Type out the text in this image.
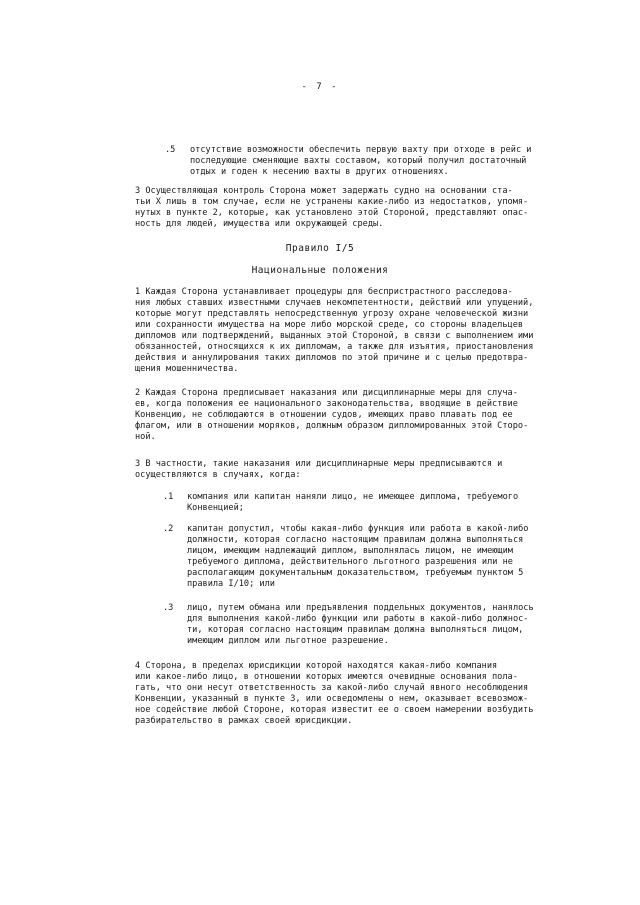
- 7 -
.5 отсутствие возможности обеспечить первую вахту при отходе в рейс и
последующие сменяющие вахты составом, который получил достаточный
отдых и годен к несению вахты в других отношениях.
3 Осуществляющая контроль Сторона может задержать судно на основании ста-
тьи X лишь в том случае, если не устранены какие-либо из недостатков, упомя-
нутых в пункте 2, которые, как установлено этой Стороной, представляют опас-
ность для людей, имущества или окружающей среды.
Правило I/5
Национальные положения
1 Каждая Сторона устанавливает процедуры для беспристрастного расследова-
ния любых ставших известными случаев некомпетентности, действий или упущений,
которые могут представлять непосредственную угрозу охране человеческой жизни
или сохранности имущества на море либо морской среде, со стороны владельцев
дипломов или подтверждений, выданных этой Стороной, в связи с выполнением ими
обязанностей, относящихся к их дипломам, а также для изъятия, приостановления
действия и аннулирования таких дипломов по этой причине и с целью предотвра-
щения мошенничества.
2 Каждая Сторона предписывает наказания или дисциплинарные меры для случа-
ев, когда положения ее национального законодательства, вводящие в действие
Конвенцию, не соблюдаются в отношении судов, имеющих право плавать под ее
флагом, или в отношении моряков, должным образом дипломированных этой Сторо-
ной.
3 В частности, такие наказания или дисциплинарные меры предписываются и
осуществляются в случаях, когда:
.1 компания или капитан наняли лицо, не имеющее диплома, требуемого
Конвенцией;
.2 капитан допустил, чтобы какая-либо функция или работа в какой-либо
должности, которая согласно настоящим правилам должна выполняться
лицом, имеющим надлежащий диплом, выполнялась лицом, не имеющим
требуемого диплома, действительного льготного разрешения или не
располагающим документальным доказательством, требуемым пунктом 5
правила I/10; или
.3 лицо, путем обмана или предъявления поддельных документов, нанялось
для выполнения какой-либо функции или работы в какой-либо должнос-
ти, которая согласно настоящим правилам должна выполняться лицом,
имеющим диплом или льготное разрешение.
4 Сторона, в пределах юрисдикции которой находятся какая-либо компания
или какое-либо лицо, в отношении которых имеются очевидные основания пола-
гать, что они несут ответственность за какой-либо случай явного несоблюдения
Конвенции, указанный в пункте 3, или осведомлены о нем, оказывает всевозмож-
ное содействие любой Стороне, которая известит ее о своем намерении возбудить
разбирательство в рамках своей юрисдикции.
